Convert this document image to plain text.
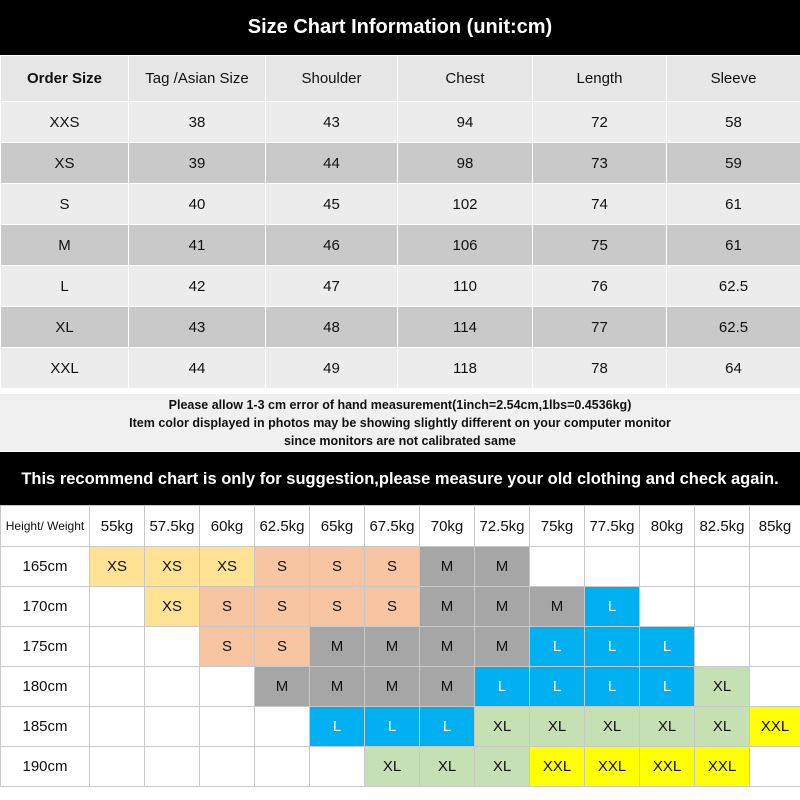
Size Chart Information (unit:cm)
Order Size	Tag /Asian Size	Shoulder	Chest	Length	Sleeve
XXS	38	43	94	72	58
XS	39	44	98	73	59
S	40	45	102	74	61
M	41	46	106	75	61
L	42	47	110	76	62.5
XL	43	48	114	77	62.5
XXL	44	49	118	78	64
Please allow 1-3 cm error of hand measurement(1inch=2.54cm,1lbs=0.4536kg)
Item color displayed in photos may be showing slightly different on your computer monitor
since monitors are not calibrated same
This recommend chart is only for suggestion,please measure your old clothing and check again.
Height/ Weight	55kg	57.5kg	60kg	62.5kg	65kg	67.5kg	70kg	72.5kg	75kg	77.5kg	80kg	82.5kg	85kg
165cm	XS	XS	XS	S	S	S	M	M					
170cm		XS	S	S	S	S	M	M	M	L			
175cm			S	S	M	M	M	M	L	L	L		
180cm				M	M	M	M	L	L	L	L	XL	
185cm					L	L	L	XL	XL	XL	XL	XL	XXL
190cm						XL	XL	XL	XXL	XXL	XXL	XXL	
